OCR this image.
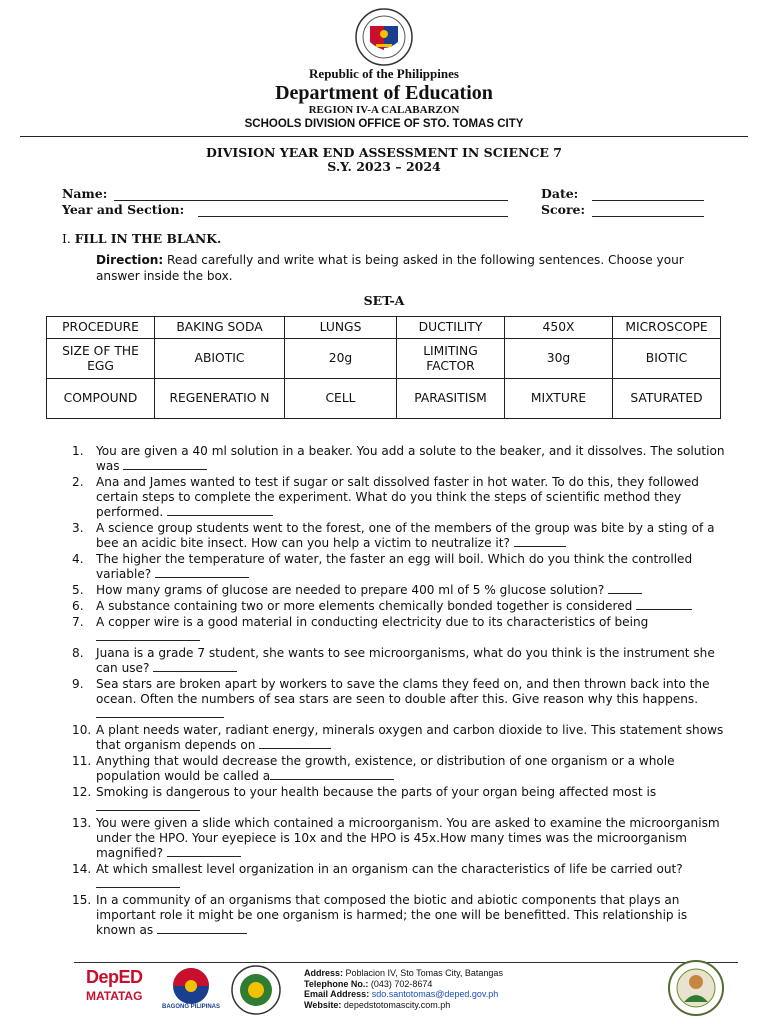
Republic of the Philippines
Department of Education
REGION IV-A CALABARZON
SCHOOLS DIVISION OFFICE OF STO. TOMAS CITY
DIVISION YEAR END ASSESSMENT IN SCIENCE 7
S.Y. 2023 – 2024
Name:
Year and Section:
Date:
Score:
I. FILL IN THE BLANK.
Direction: Read carefully and write what is being asked in the following sentences. Choose your answer inside the box.
SET-A
PROCEDURE	BAKING SODA	LUNGS	DUCTILITY	450X	MICROSCOPE
SIZE OF THE EGG	ABIOTIC	20g	LIMITING FACTOR	30g	BIOTIC
COMPOUND	REGENERATIO N	CELL	PARASITISM	MIXTURE	SATURATED
1.	You are given a 40 ml solution in a beaker. You add a solute to the beaker, and it dissolves. The solution was
2.	Ana and James wanted to test if sugar or salt dissolved faster in hot water. To do this, they followed certain steps to complete the experiment. What do you think the steps of scientific method they performed.
3.	A science group students went to the forest, one of the members of the group was bite by a sting of a bee an acidic bite insect. How can you help a victim to neutralize it?
4.	The higher the temperature of water, the faster an egg will boil. Which do you think the controlled variable?
5.	How many grams of glucose are needed to prepare 400 ml of 5 % glucose solution?
6.	A substance containing two or more elements chemically bonded together is considered
7.	A copper wire is a good material in conducting electricity due to its characteristics of being
8.	Juana is a grade 7 student, she wants to see microorganisms, what do you think is the instrument she can use?
9.	Sea stars are broken apart by workers to save the clams they feed on, and then thrown back into the ocean. Often the numbers of sea stars are seen to double after this. Give reason why this happens.
10. A plant needs water, radiant energy, minerals oxygen and carbon dioxide to live. This statement shows that organism depends on
11. Anything that would decrease the growth, existence, or distribution of one organism or a whole population would be called a
12. Smoking is dangerous to your health because the parts of your organ being affected most is
13. You were given a slide which contained a microorganism. You are asked to examine the microorganism under the HPO. Your eyepiece is 10x and the HPO is 45x.How many times was the microorganism magnified?
14. At which smallest level organization in an organism can the characteristics of life be carried out?
15. In a community of an organisms that composed the biotic and abiotic components that plays an important role it might be one organism is harmed; the one will be benefitted. This relationship is known as
DepED
MATATAG
BAGONG PILIPINAS
Address: Poblacion IV, Sto Tomas City, Batangas
Telephone No.: (043) 702-8674
Email Address: sdo.santotomas@deped.gov.ph
Website: depedstotomascity.com.ph
